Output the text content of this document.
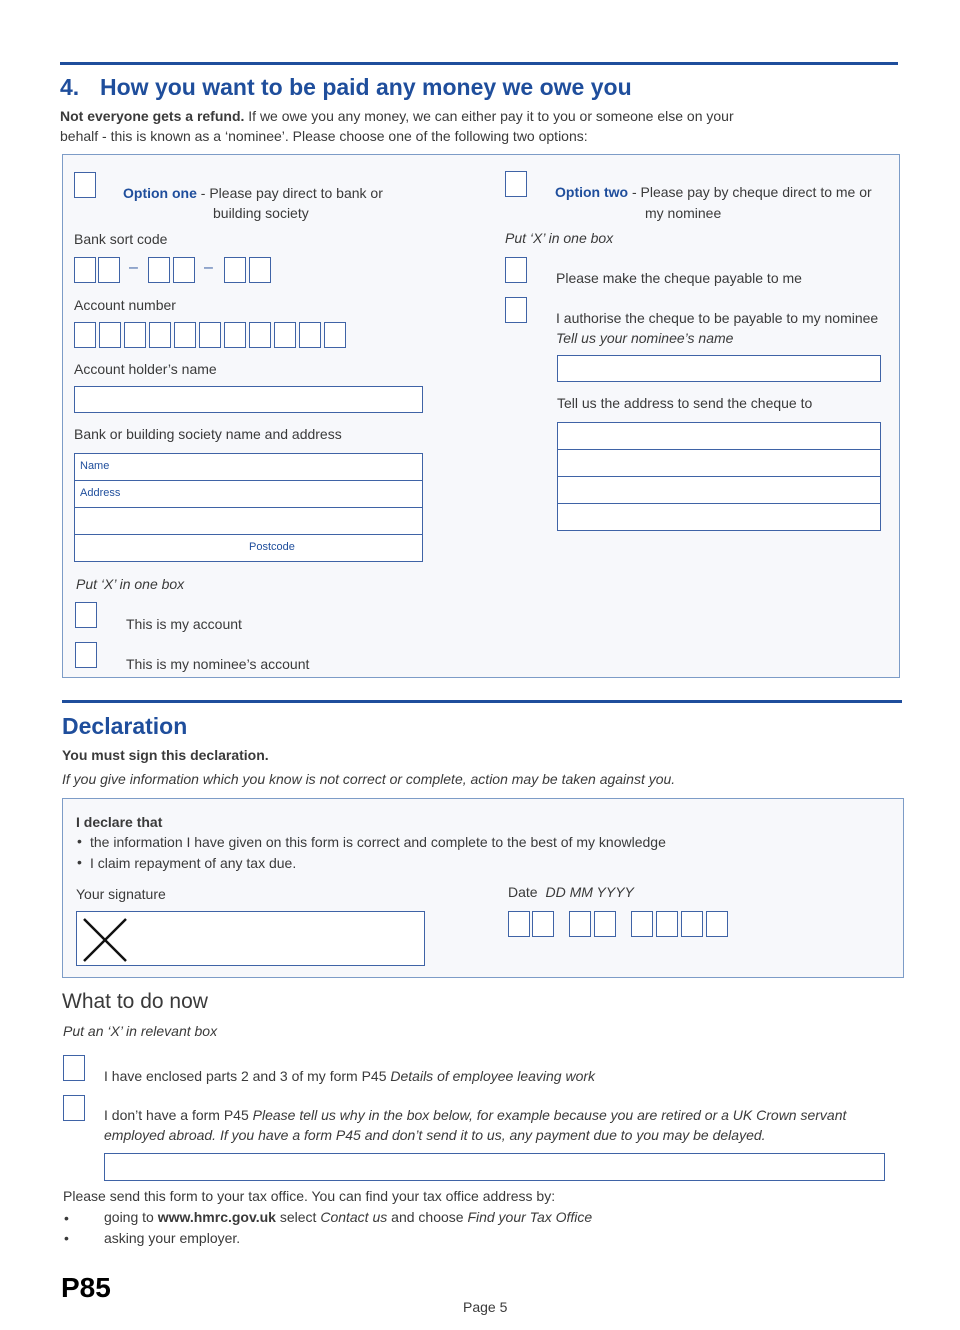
4. How you want to be paid any money we owe you
Not everyone gets a refund. If we owe you any money, we can either pay it to you or someone else on your
behalf - this is known as a ‘nominee’. Please choose one of the following two options:
Option one - Please pay direct to bank or
building society
Bank sort code
–	–
Account number
Account holder’s name
Bank or building society name and address
Name
Address
Postcode
Put ‘X’ in one box
This is my account
This is my nominee’s account
Option two - Please pay by cheque direct to me or
my nominee
Put ‘X’ in one box
Please make the cheque payable to me
I authorise the cheque to be payable to my nominee
Tell us your nominee’s name
Tell us the address to send the cheque to
Declaration
You must sign this declaration.
If you give information which you know is not correct or complete, action may be taken against you.
I declare that
• the information I have given on this form is correct and complete to the best of my knowledge
• I claim repayment of any tax due.
Your signature	Date DD MM YYYY
What to do now
Put an ‘X’ in relevant box
I have enclosed parts 2 and 3 of my form P45 Details of employee leaving work
I don’t have a form P45 Please tell us why in the box below, for example because you are retired or a UK Crown servant
employed abroad. If you have a form P45 and don’t send it to us, any payment due to you may be delayed.
Please send this form to your tax office. You can find your tax office address by:
•	going to www.hmrc.gov.uk select Contact us and choose Find your Tax Office
•	asking your employer.
P85
Page 5
